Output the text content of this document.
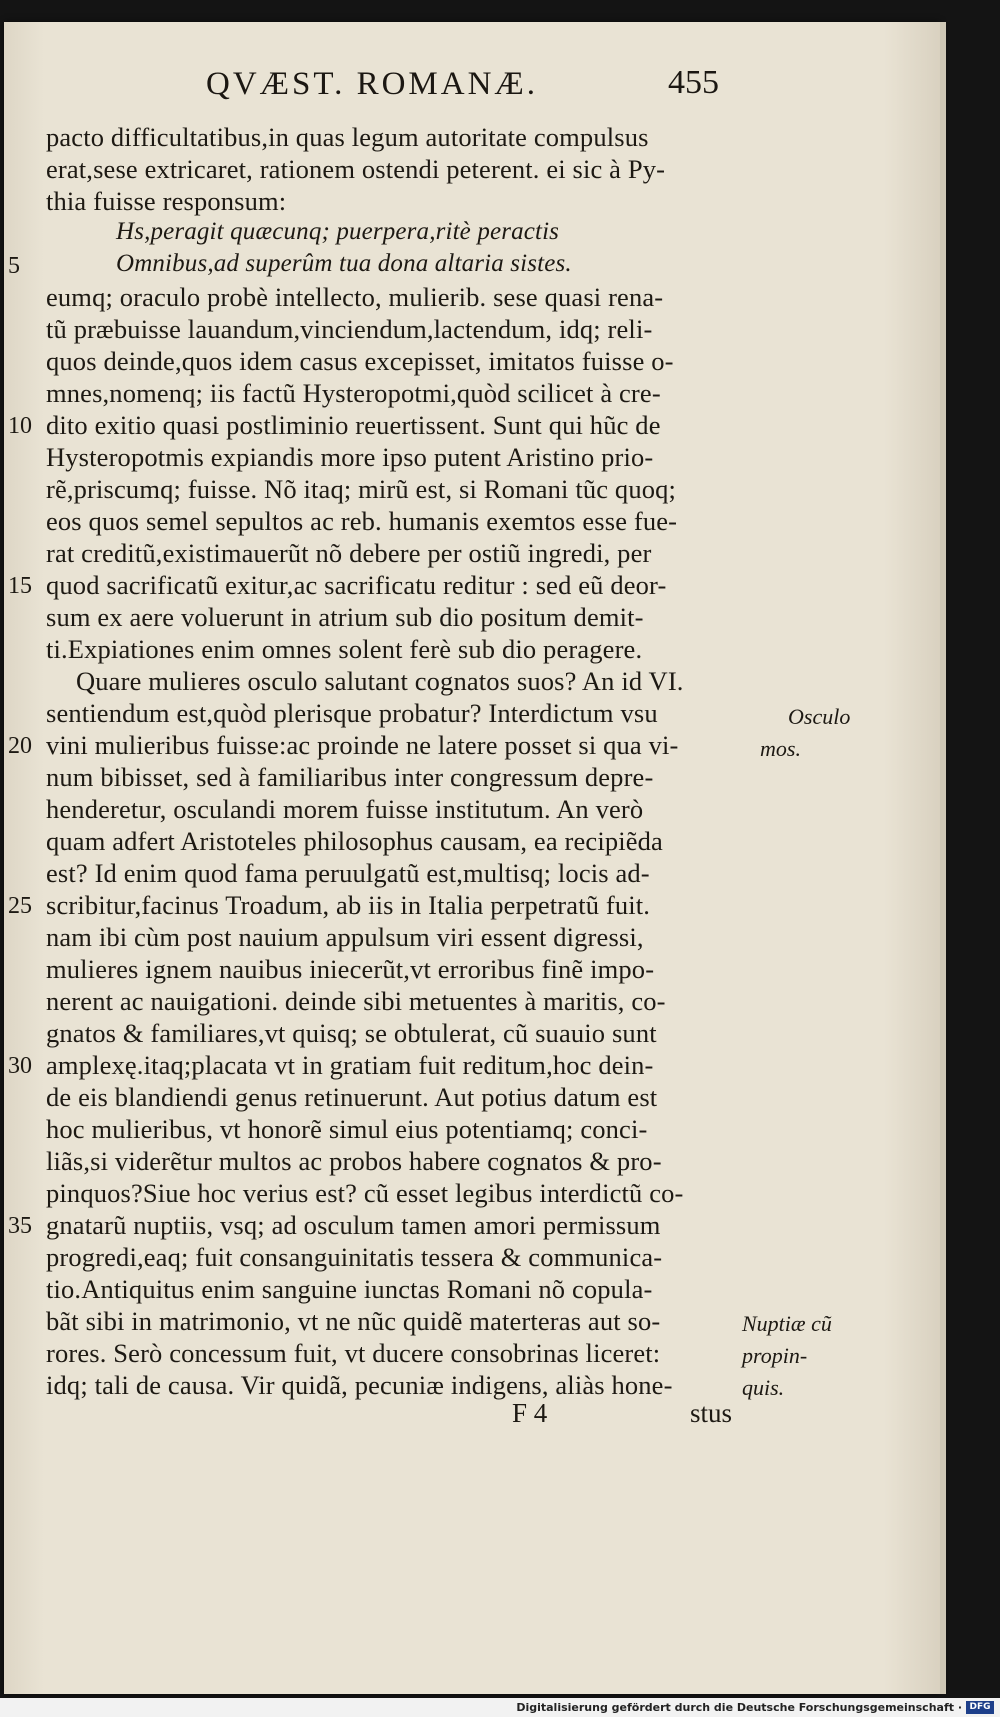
QVÆST. ROMANÆ.	455
pacto difficultatibus,in quas legum autoritate compulsus
erat,sese extricaret, rationem ostendi peterent. ei sic à Py-
thia fuisse responsum:
Hs,peragit quæcunq; puerpera,ritè peractis
Omnibus,ad superûm tua dona altaria sistes.
eumq; oraculo probè intellecto, mulierib. sese quasi rena-
tũ præbuisse lauandum,vinciendum,lactendum, idq; reli-
quos deinde,quos idem casus excepisset, imitatos fuisse o-
mnes,nomenq; iis factũ Hysteropotmi,quòd scilicet à cre-
dito exitio quasi postliminio reuertissent. Sunt qui hũc de
Hysteropotmis expiandis more ipso putent Aristino prio-
rẽ,priscumq; fuisse. Nõ itaq; mirũ est, si Romani tũc quoq;
eos quos semel sepultos ac reb. humanis exemtos esse fue-
rat creditũ,existimauerũt nõ debere per ostiũ ingredi, per
quod sacrificatũ exitur,ac sacrificatu reditur : sed eũ deor-
sum ex aere voluerunt in atrium sub dio positum demit-
ti.Expiationes enim omnes solent ferè sub dio peragere.
Quare mulieres osculo salutant cognatos suos? An id VI.
sentiendum est,quòd plerisque probatur? Interdictum vsu
vini mulieribus fuisse:ac proinde ne latere posset si qua vi-
num bibisset, sed à familiaribus inter congressum depre-
henderetur, osculandi morem fuisse institutum. An verò
quam adfert Aristoteles philosophus causam, ea recipiẽda
est? Id enim quod fama peruulgatũ est,multisq; locis ad-
scribitur,facinus Troadum, ab iis in Italia perpetratũ fuit.
nam ibi cùm post nauium appulsum viri essent digressi,
mulieres ignem nauibus iniecerũt,vt erroribus finẽ impo-
nerent ac nauigationi. deinde sibi metuentes à maritis, co-
gnatos & familiares,vt quisq; se obtulerat, cũ suauio sunt
amplexę.itaq;placata vt in gratiam fuit reditum,hoc dein-
de eis blandiendi genus retinuerunt. Aut potius datum est
hoc mulieribus, vt honorẽ simul eius potentiamq; conci-
liãs,si viderẽtur multos ac probos habere cognatos & pro-
pinquos?Siue hoc verius est? cũ esset legibus interdictũ co-
gnatarũ nuptiis, vsq; ad osculum tamen amori permissum
progredi,eaq; fuit consanguinitatis tessera & communica-
tio.Antiquitus enim sanguine iunctas Romani nõ copula-
bãt sibi in matrimonio, vt ne nũc quidẽ materteras aut so-
rores. Serò concessum fuit, vt ducere consobrinas liceret:
idq; tali de causa. Vir quidã, pecuniæ indigens, aliàs hone-
5
10
15
20
25
30
35
Osculo
mos.
Nuptiæ cũ
propin-
quis.
F 4	stus
Digitalisierung gefördert durch die Deutsche Forschungsgemeinschaft · DFG
